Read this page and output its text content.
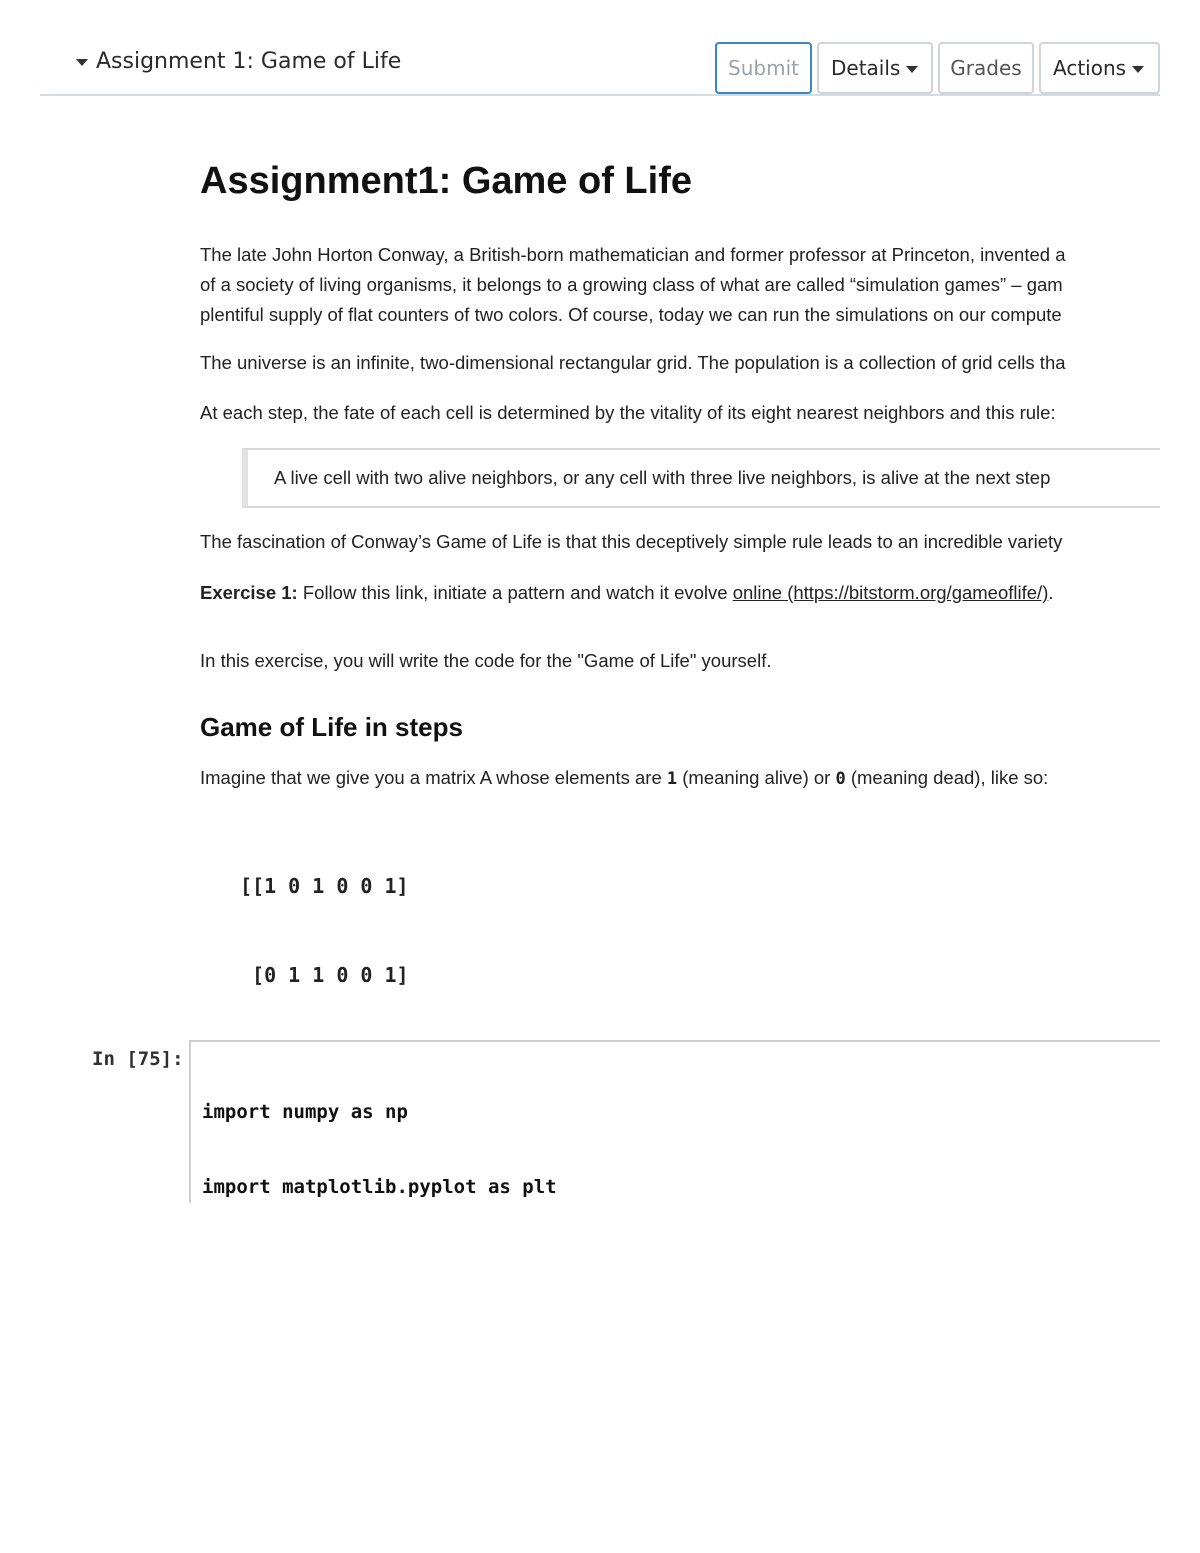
Assignment 1: Game of Life	Submit Details Grades Actions
Assignment1: Game of Life
The late John Horton Conway, a British-born mathematician and former professor at Princeton, invented a
of a society of living organisms, it belongs to a growing class of what are called “simulation games” – gam
plentiful supply of flat counters of two colors. Of course, today we can run the simulations on our compute

The universe is an infinite, two-dimensional rectangular grid. The population is a collection of grid cells tha

At each step, the fate of each cell is determined by the vitality of its eight nearest neighbors and this rule:

A live cell with two alive neighbors, or any cell with three live neighbors, is alive at the next step

The fascination of Conway’s Game of Life is that this deceptively simple rule leads to an incredible variety

Exercise 1: Follow this link, initiate a pattern and watch it evolve online (https://bitstorm.org/gameoflife/).

In this exercise, you will write the code for the "Game of Life" yourself.

Game of Life in steps

Imagine that we give you a matrix A whose elements are 1 (meaning alive) or 0 (meaning dead), like so:

[[1 0 1 0 0 1]

[0 1 1 0 0 1]

In [75]:

import numpy as np

import matplotlib.pyplot as plt
